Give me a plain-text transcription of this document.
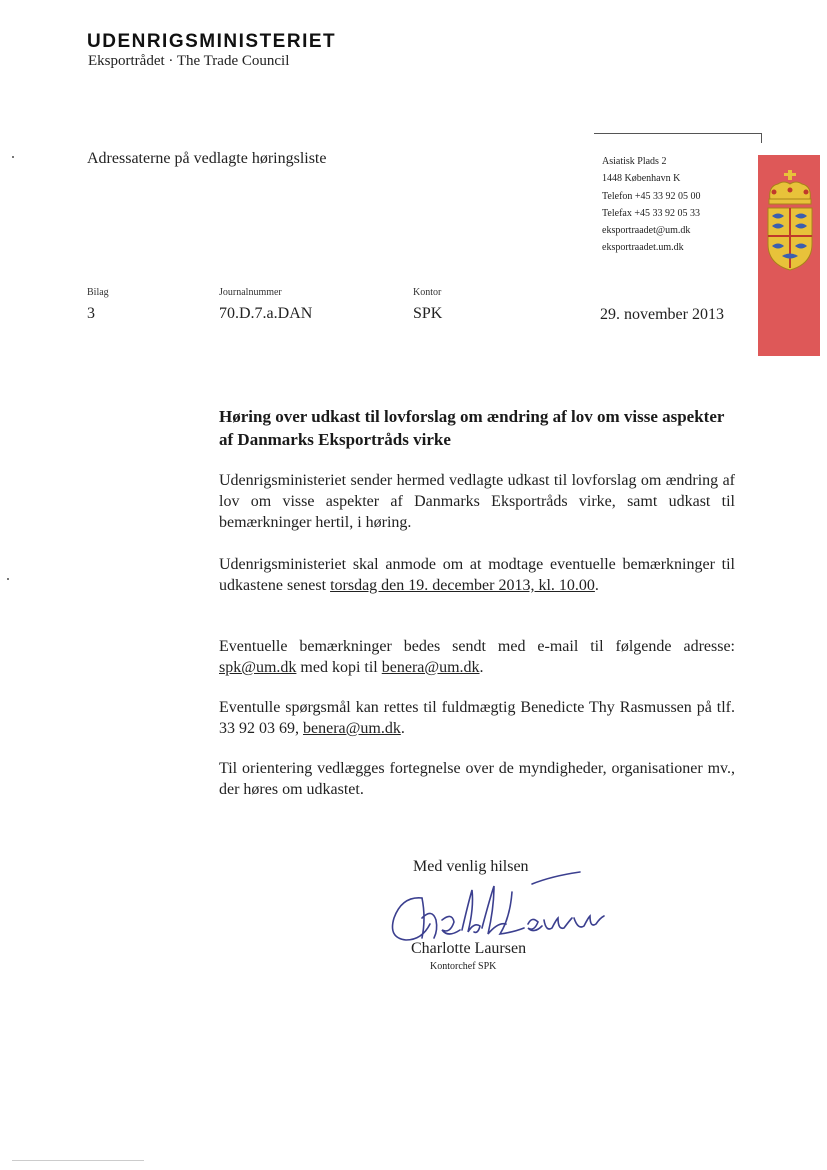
UDENRIGSMINISTERIET
Eksportrådet · The Trade Council
Adressaterne på vedlagte høringsliste	Asiatisk Plads 2
1448 København K
Telefon +45 33 92 05 00
Telefax +45 33 92 05 33
eksportraadet@um.dk
eksportraadet.um.dk
Bilag
3
Journalnummer
70.D.7.a.DAN
Kontor
SPK	29. november 2013
Høring over udkast til lovforslag om ændring af lov om visse aspekter af Danmarks Eksportråds virke
Udenrigsministeriet sender hermed vedlagte udkast til lovforslag om ændring af lov om visse aspekter af Danmarks Eksportråds virke, samt udkast til bemærkninger hertil, i høring.
Udenrigsministeriet skal anmode om at modtage eventuelle bemærkninger til udkastene senest torsdag den 19. december 2013, kl. 10.00.
Eventuelle bemærkninger bedes sendt med e-mail til følgende adresse: spk@um.dk med kopi til benera@um.dk.
Eventulle spørgsmål kan rettes til fuldmægtig Benedicte Thy Rasmussen på tlf. 33 92 03 69, benera@um.dk.
Til orientering vedlægges fortegnelse over de myndigheder, organisationer mv., der høres om udkastet.
Med venlig hilsen
Charlotte Laursen
Kontorchef SPK
